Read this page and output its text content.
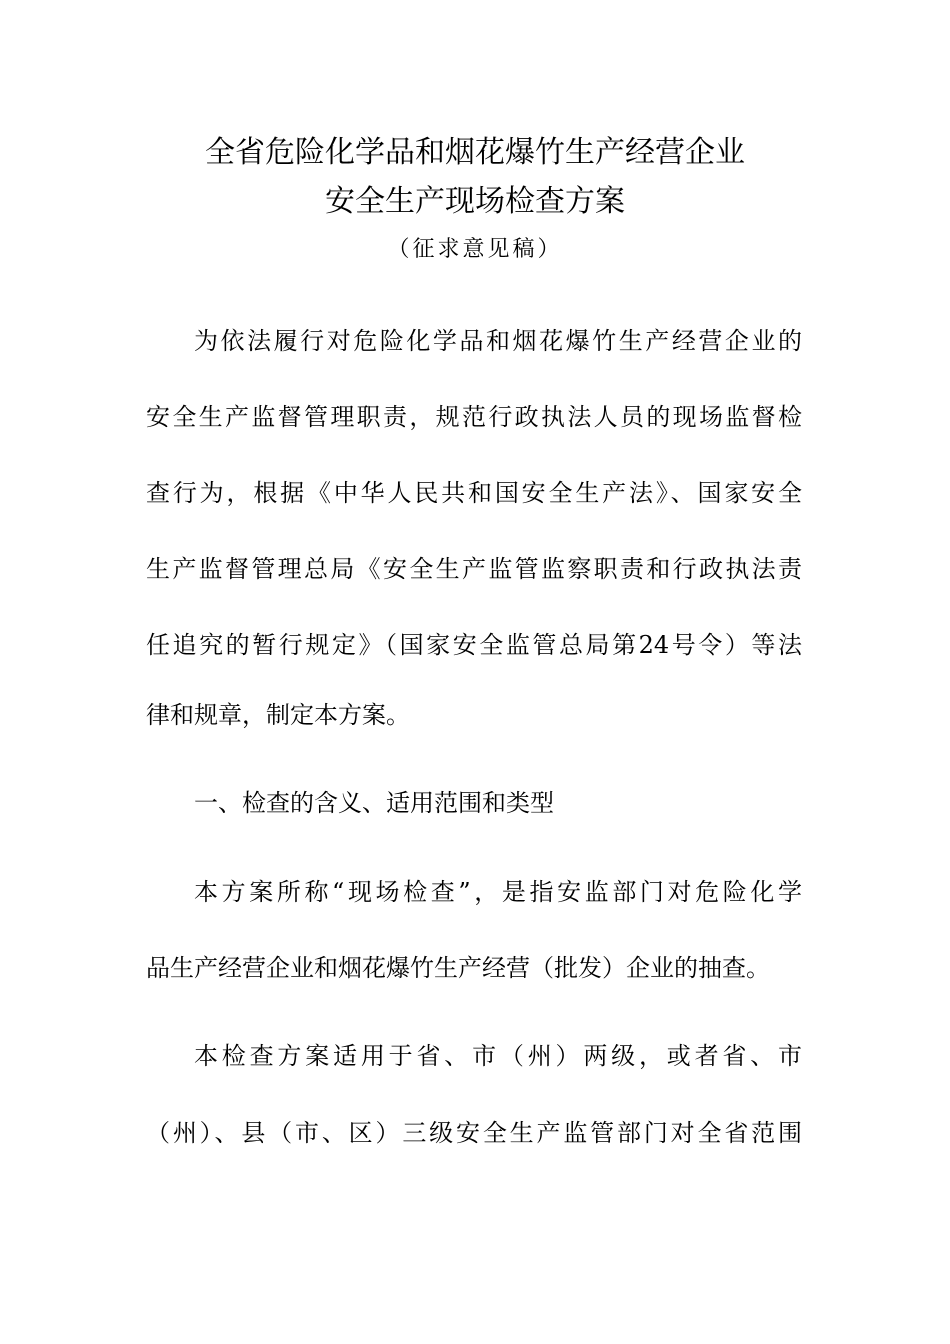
全省危险化学品和烟花爆竹生产经营企业
安全生产现场检查方案
（征求意见稿）
为依法履行对危险化学品和烟花爆竹生产经营企业的
安全生产监督管理职责，规范行政执法人员的现场监督检
查行为，根据《中华人民共和国安全生产法》、国家安全
生产监督管理总局《安全生产监管监察职责和行政执法责
任追究的暂行规定》（国家安全监管总局第24号令）等法
律和规章，制定本方案。
一、检查的含义、适用范围和类型
本方案所称“现场检查”，是指安监部门对危险化学
品生产经营企业和烟花爆竹生产经营（批发）企业的抽查。
本检查方案适用于省、市（州）两级，或者省、市
（州）、县（市、区）三级安全生产监管部门对全省范围
